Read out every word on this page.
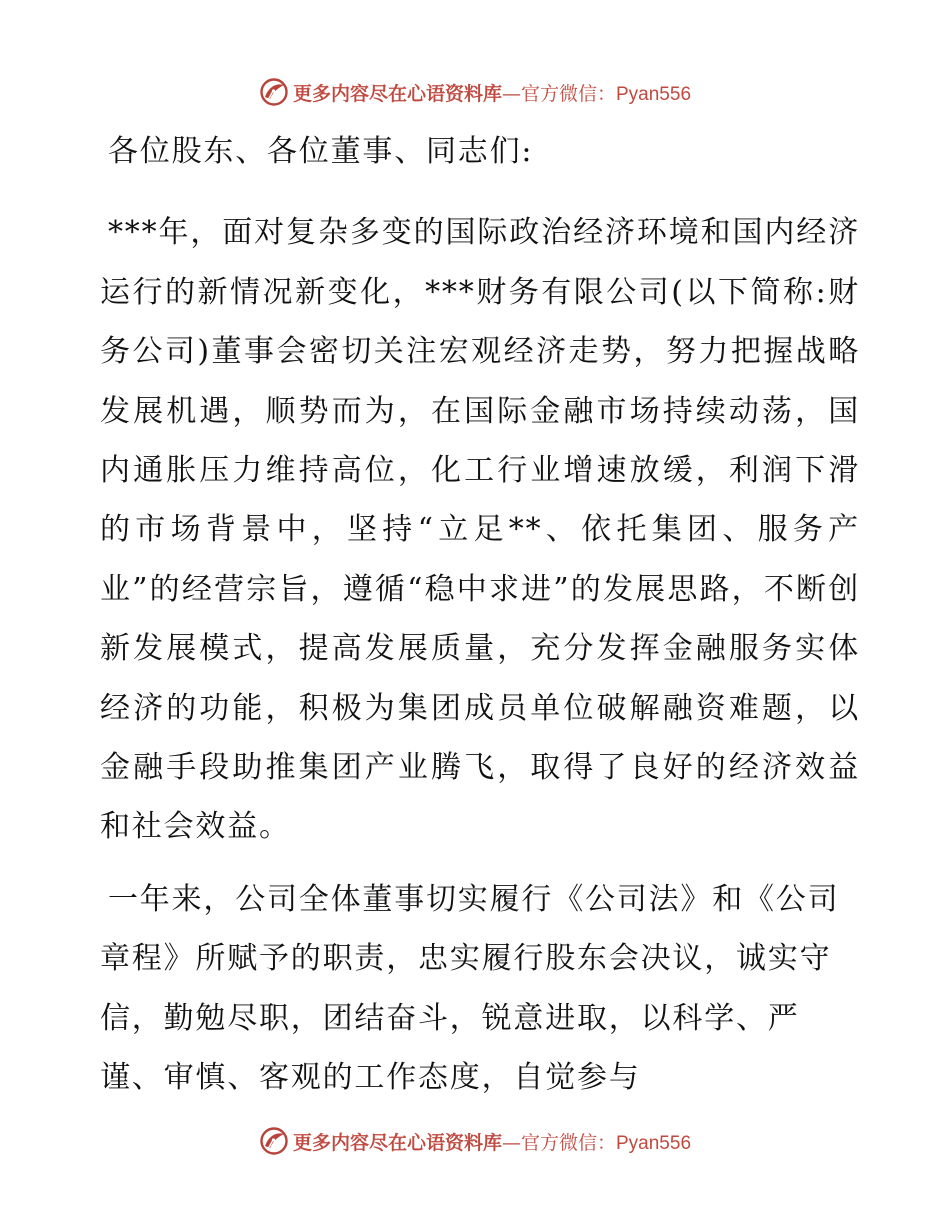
更多内容尽在心语资料库—官方微信：Pyan556

各位股东、各位董事、同志们:

***年，面对复杂多变的国际政治经济环境和国内经济运行的新情况新变化，***财务有限公司(以下简称:财务公司)董事会密切关注宏观经济走势，努力把握战略发展机遇，顺势而为，在国际金融市场持续动荡，国内通胀压力维持高位，化工行业增速放缓，利润下滑的市场背景中，坚持“立足**、依托集团、服务产业”的经营宗旨，遵循“稳中求进”的发展思路，不断创新发展模式，提高发展质量，充分发挥金融服务实体经济的功能，积极为集团成员单位破解融资难题，以金融手段助推集团产业腾飞，取得了良好的经济效益和社会效益。

一年来，公司全体董事切实履行《公司法》和《公司章程》所赋予的职责，忠实履行股东会决议，诚实守信，勤勉尽职，团结奋斗，锐意进取，以科学、严谨、审慎、客观的工作态度，自觉参与

更多内容尽在心语资料库—官方微信：Pyan556
